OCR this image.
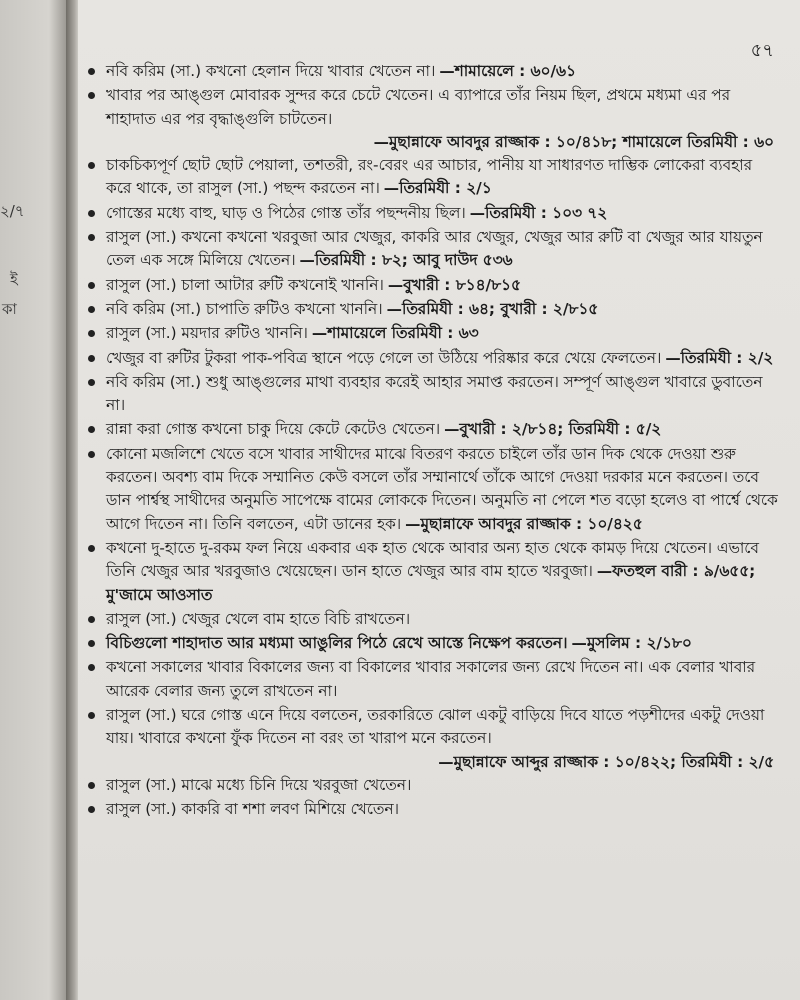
২/৭
ই
কা
৫৭

নবি করিম (সা.) কখনো হেলান দিয়ে খাবার খেতেন না। —শামায়েলে : ৬০/৬১

খাবার পর আঙ্গুল মোবারক সুন্দর করে চেটে খেতেন। এ ব্যাপারে তাঁর নিয়ম ছিল, প্রথমে মধ্যমা এর পর শাহাদাত এর পর বৃদ্ধাঙ্গুলি চাটতেন।

—মুছান্নাফে আবদুর রাজ্জাক : ১০/৪১৮; শামায়েলে তিরমিযী : ৬০

চাকচিক্যপূর্ণ ছোট ছোট পেয়ালা, তশতরী, রং-বেরং এর আচার, পানীয় যা সাধারণত দাম্ভিক লোকেরা ব্যবহার করে থাকে, তা রাসুল (সা.) পছন্দ করতেন না। —তিরমিযী : ২/১

গোস্তের মধ্যে বাহু, ঘাড় ও পিঠের গোস্ত তাঁর পছন্দনীয় ছিল। —তিরমিযী : ১০৩ ৭২

রাসুল (সা.) কখনো কখনো খরবুজা আর খেজুর, কাকরি আর খেজুর, খেজুর আর রুটি বা খেজুর আর যায়তুন তেল এক সঙ্গে মিলিয়ে খেতেন। —তিরমিযী : ৮২; আবু দাউদ ৫৩৬

রাসুল (সা.) চালা আটার রুটি কখনোই খাননি। —বুখারী : ৮১৪/৮১৫

নবি করিম (সা.) চাপাতি রুটিও কখনো খাননি। —তিরমিযী : ৬৪; বুখারী : ২/৮১৫

রাসুল (সা.) ময়দার রুটিও খাননি। —শামায়েলে তিরমিযী : ৬৩

খেজুর বা রুটির টুকরা পাক-পবিত্র স্থানে পড়ে গেলে তা উঠিয়ে পরিষ্কার করে খেয়ে ফেলতেন। —তিরমিযী : ২/২

নবি করিম (সা.) শুধু আঙ্গুলের মাথা ব্যবহার করেই আহার সমাপ্ত করতেন। সম্পূর্ণ আঙ্গুল খাবারে ডুবাতেন না।

রান্না করা গোস্ত কখনো চাকু দিয়ে কেটে কেটেও খেতেন। —বুখারী : ২/৮১৪; তিরমিযী : ৫/২

কোনো মজলিশে খেতে বসে খাবার সাথীদের মাঝে বিতরণ করতে চাইলে তাঁর ডান দিক থেকে দেওয়া শুরু করতেন। অবশ্য বাম দিকে সম্মানিত কেউ বসলে তাঁর সম্মানার্থে তাঁকে আগে দেওয়া দরকার মনে করতেন। তবে ডান পার্শ্বস্থ সাথীদের অনুমতি সাপেক্ষে বামের লোককে দিতেন। অনুমতি না পেলে শত বড়ো হলেও বা পার্শ্বে থেকে আগে দিতেন না। তিনি বলতেন, এটা ডানের হক। —মুছান্নাফে আবদুর রাজ্জাক : ১০/৪২৫

কখনো দু-হাতে দু-রকম ফল নিয়ে একবার এক হাত থেকে আবার অন্য হাত থেকে কামড় দিয়ে খেতেন। এভাবে তিনি খেজুর আর খরবুজাও খেয়েছেন। ডান হাতে খেজুর আর বাম হাতে খরবুজা। —ফতহুল বারী : ৯/৬৫৫; মু'জামে আওসাত

রাসুল (সা.) খেজুর খেলে বাম হাতে বিচি রাখতেন।

বিচিগুলো শাহাদাত আর মধ্যমা আঙুলির পিঠে রেখে আস্তে নিক্ষেপ করতেন। —মুসলিম : ২/১৮০

কখনো সকালের খাবার বিকালের জন্য বা বিকালের খাবার সকালের জন্য রেখে দিতেন না। এক বেলার খাবার আরেক বেলার জন্য তুলে রাখতেন না।

রাসুল (সা.) ঘরে গোস্ত এনে দিয়ে বলতেন, তরকারিতে ঝোল একটু বাড়িয়ে দিবে যাতে পড়শীদের একটু দেওয়া যায়। খাবারে কখনো ফুঁক দিতেন না বরং তা খারাপ মনে করতেন।

—মুছান্নাফে আব্দুর রাজ্জাক : ১০/৪২২; তিরমিযী : ২/৫

রাসুল (সা.) মাঝে মধ্যে চিনি দিয়ে খরবুজা খেতেন।

রাসুল (সা.) কাকরি বা শশা লবণ মিশিয়ে খেতেন।
